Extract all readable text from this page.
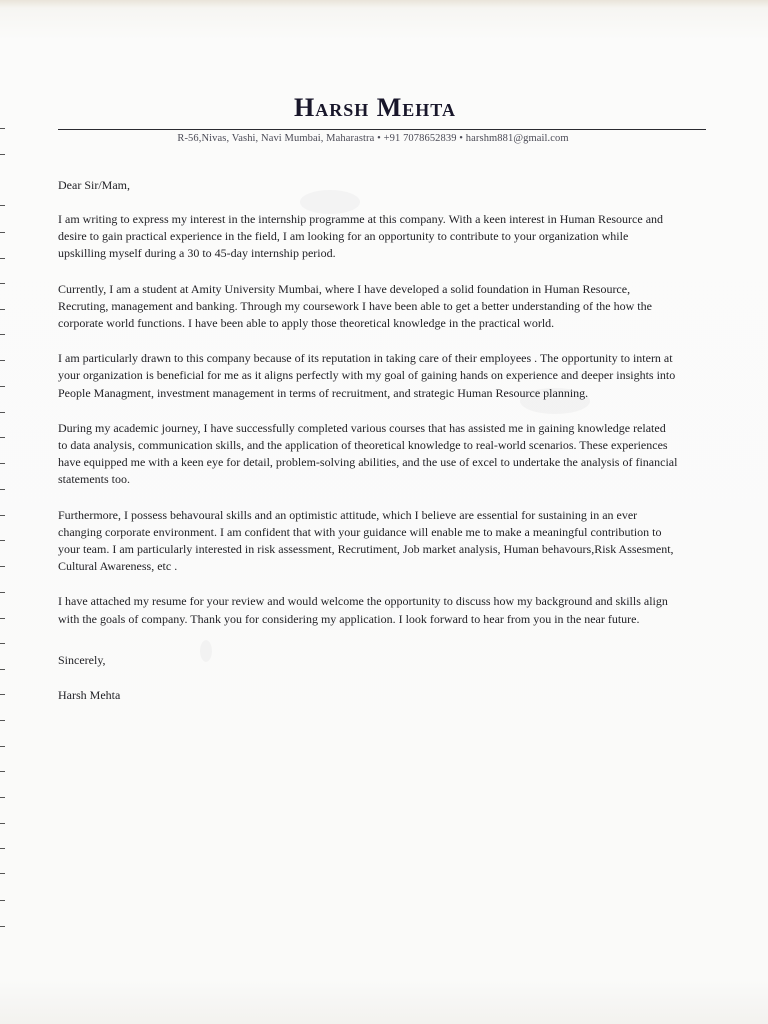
Harsh Mehta
R-56,Nivas, Vashi, Navi Mumbai, Maharastra • +91 7078652839 • harshm881@gmail.com
Dear Sir/Mam,

I am writing to express my interest in the internship programme at this company. With a keen interest in Human Resource and desire to gain practical experience in the field, I am looking for an opportunity to contribute to your organization while upskilling myself during a 30 to 45-day internship period.

Currently, I am a student at Amity University Mumbai, where I have developed a solid foundation in Human Resource, Recruting, management and banking. Through my coursework I have been able to get a better understanding of the how the corporate world functions. I have been able to apply those theoretical knowledge in the practical world.

I am particularly drawn to this company because of its reputation in taking care of their employees . The opportunity to intern at your organization is beneficial for me as it aligns perfectly with my goal of gaining hands on experience and deeper insights into People Managment, investment management in terms of recruitment, and strategic Human Resource planning.

During my academic journey, I have successfully completed various courses that has assisted me in gaining knowledge related to data analysis, communication skills, and the application of theoretical knowledge to real-world scenarios. These experiences have equipped me with a keen eye for detail, problem-solving abilities, and the use of excel to undertake the analysis of financial statements too.

Furthermore, I possess behavoural skills and an optimistic attitude, which I believe are essential for sustaining in an ever changing corporate environment. I am confident that with your guidance will enable me to make a meaningful contribution to your team. I am particularly interested in risk assessment, Recrutiment, Job market analysis, Human behavours,Risk Assesment, Cultural Awareness, etc .

I have attached my resume for your review and would welcome the opportunity to discuss how my background and skills align with the goals of company. Thank you for considering my application. I look forward to hear from you in the near future.

Sincerely,
Harsh Mehta
